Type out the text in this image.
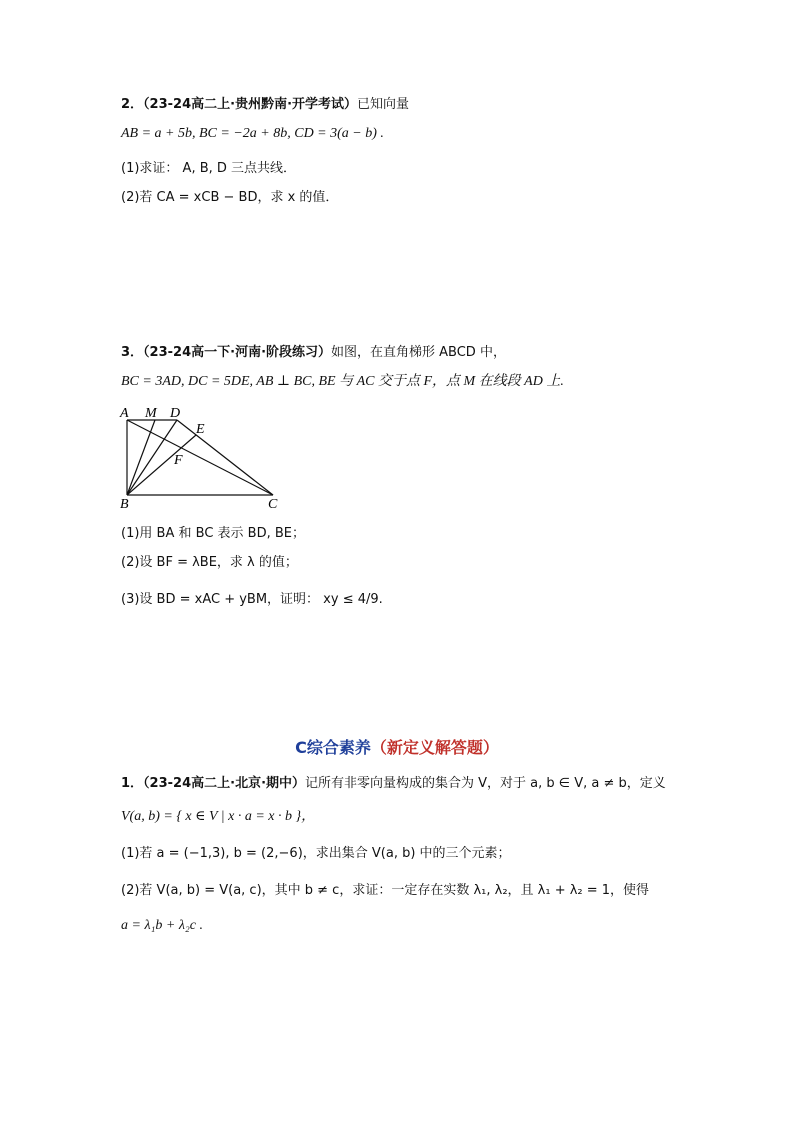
2．（23-24高二上·贵州黔南·开学考试）已知向量
AB = a + 5b, BC = −2a + 8b, CD = 3(a − b) .
(1)求证： A, B, D 三点共线．
(2)若 CA = xCB − BD，求 x 的值．
3．（23-24高一下·河南·阶段练习）如图，在直角梯形 ABCD 中，
BC = 3AD, DC = 5DE, AB ⊥ BC, BE 与 AC 交于点 F，点 M 在线段 AD 上.
A M D
E
F
B	C
(1)用 BA 和 BC 表示 BD, BE；
(2)设 BF = λBE，求 λ 的值；
(3)设 BD = xAC + yBM，证明： xy ≤ 4/9.
C综合素养（新定义解答题）
1．（23-24高二上·北京·期中）记所有非零向量构成的集合为 V，对于 a, b ∈ V, a ≠ b，定义
V(a, b) = { x ∈ V | x · a = x · b }，
(1)若 a = (−1,3), b = (2,−6)，求出集合 V(a, b) 中的三个元素；
(2)若 V(a, b) = V(a, c)，其中 b ≠ c，求证：一定存在实数 λ₁, λ₂，且 λ₁ + λ₂ = 1，使得
a = λ₁b + λ₂c .
